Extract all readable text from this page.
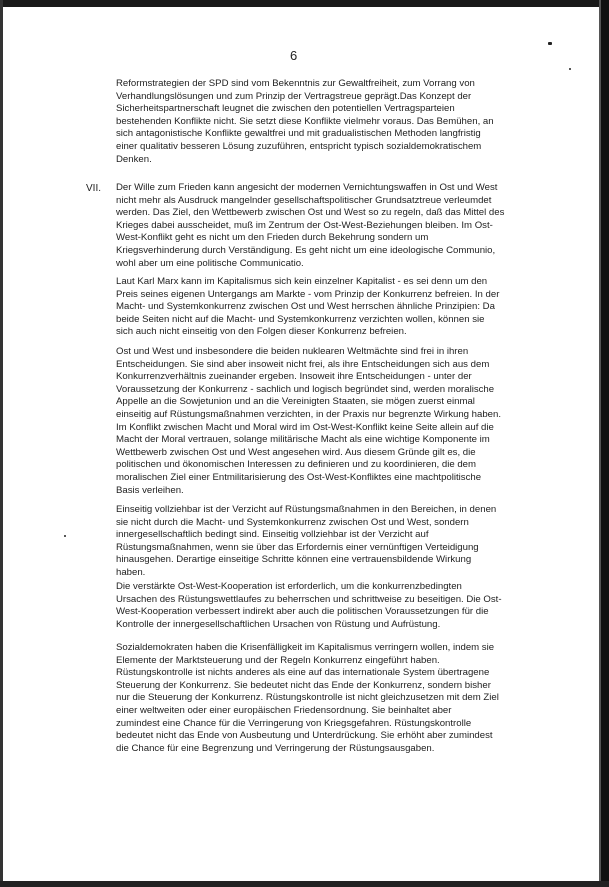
6
Reformstrategien der SPD sind vom Bekenntnis zur Gewaltfreiheit, zum Vorrang von
Verhandlungslösungen und zum Prinzip der Vertragstreue geprägt.Das Konzept der
Sicherheitspartnerschaft leugnet die zwischen den potentiellen Vertragsparteien
bestehenden Konflikte nicht. Sie setzt diese Konflikte vielmehr voraus. Das Bemühen, an
sich antagonistische Konflikte gewaltfrei und mit gradualistischen Methoden langfristig
einer qualitativ besseren Lösung zuzuführen, entspricht typisch sozialdemokratischem
Denken.
VII. Der Wille zum Frieden kann angesicht der modernen Vernichtungswaffen in Ost und West
nicht mehr als Ausdruck mangelnder gesellschaftspolitischer Grundsatztreue verleumdet
werden. Das Ziel, den Wettbewerb zwischen Ost und West so zu regeln, daß das Mittel des
Krieges dabei ausscheidet, muß im Zentrum der Ost-West-Beziehungen bleiben. Im Ost-
West-Konflikt geht es nicht um den Frieden durch Bekehrung sondern um
Kriegsverhinderung durch Verständigung. Es geht nicht um eine ideologische Communio,
wohl aber um eine politische Communicatio.
Laut Karl Marx kann im Kapitalismus sich kein einzelner Kapitalist - es sei denn um den
Preis seines eigenen Untergangs am Markte - vom Prinzip der Konkurrenz befreien. In der
Macht- und Systemkonkurrenz zwischen Ost und West herrschen ähnliche Prinzipien: Da
beide Seiten nicht auf die Macht- und Systemkonkurrenz verzichten wollen, können sie
sich auch nicht einseitig von den Folgen dieser Konkurrenz befreien.
Ost und West und insbesondere die beiden nuklearen Weltmächte sind frei in ihren
Entscheidungen. Sie sind aber insoweit nicht frei, als ihre Entscheidungen sich aus dem
Konkurrenzverhältnis zueinander ergeben. Insoweit ihre Entscheidungen - unter der
Voraussetzung der Konkurrenz - sachlich und logisch begründet sind, werden moralische
Appelle an die Sowjetunion und an die Vereinigten Staaten, sie mögen zuerst einmal
einseitig auf Rüstungsmaßnahmen verzichten, in der Praxis nur begrenzte Wirkung haben.
Im Konflikt zwischen Macht und Moral wird im Ost-West-Konflikt keine Seite allein auf die
Macht der Moral vertrauen, solange militärische Macht als eine wichtige Komponente im
Wettbewerb zwischen Ost und West angesehen wird. Aus diesem Gründe gilt es, die
politischen und ökonomischen Interessen zu definieren und zu koordinieren, die dem
moralischen Ziel einer Entmilitarisierung des Ost-West-Konfliktes eine machtpolitische
Basis verleihen.
Einseitig vollziehbar ist der Verzicht auf Rüstungsmaßnahmen in den Bereichen, in denen
sie nicht durch die Macht- und Systemkonkurrenz zwischen Ost und West, sondern
innergesellschaftlich bedingt sind. Einseitig vollziehbar ist der Verzicht auf
Rüstungsmaßnahmen, wenn sie über das Erfordernis einer vernünftigen Verteidigung
hinausgehen. Derartige einseitige Schritte können eine vertrauensbildende Wirkung
haben.
Die verstärkte Ost-West-Kooperation ist erforderlich, um die konkurrenzbedingten
Ursachen des Rüstungswettlaufes zu beherrschen und schrittweise zu beseitigen. Die Ost-
West-Kooperation verbessert indirekt aber auch die politischen Voraussetzungen für die
Kontrolle der innergesellschaftlichen Ursachen von Rüstung und Aufrüstung.
Sozialdemokraten haben die Krisenfälligkeit im Kapitalismus verringern wollen, indem sie
Elemente der Marktsteuerung und der Regeln Konkurrenz eingeführt haben.
Rüstungskontrolle ist nichts anderes als eine auf das internationale System übertragene
Steuerung der Konkurrenz. Sie bedeutet nicht das Ende der Konkurrenz, sondern bisher
nur die Steuerung der Konkurrenz. Rüstungskontrolle ist nicht gleichzusetzen mit dem Ziel
einer weltweiten oder einer europäischen Friedensordnung. Sie beinhaltet aber
zumindest eine Chance für die Verringerung von Kriegsgefahren. Rüstungskontrolle
bedeutet nicht das Ende von Ausbeutung und Unterdrückung. Sie erhöht aber zumindest
die Chance für eine Begrenzung und Verringerung der Rüstungsausgaben.
